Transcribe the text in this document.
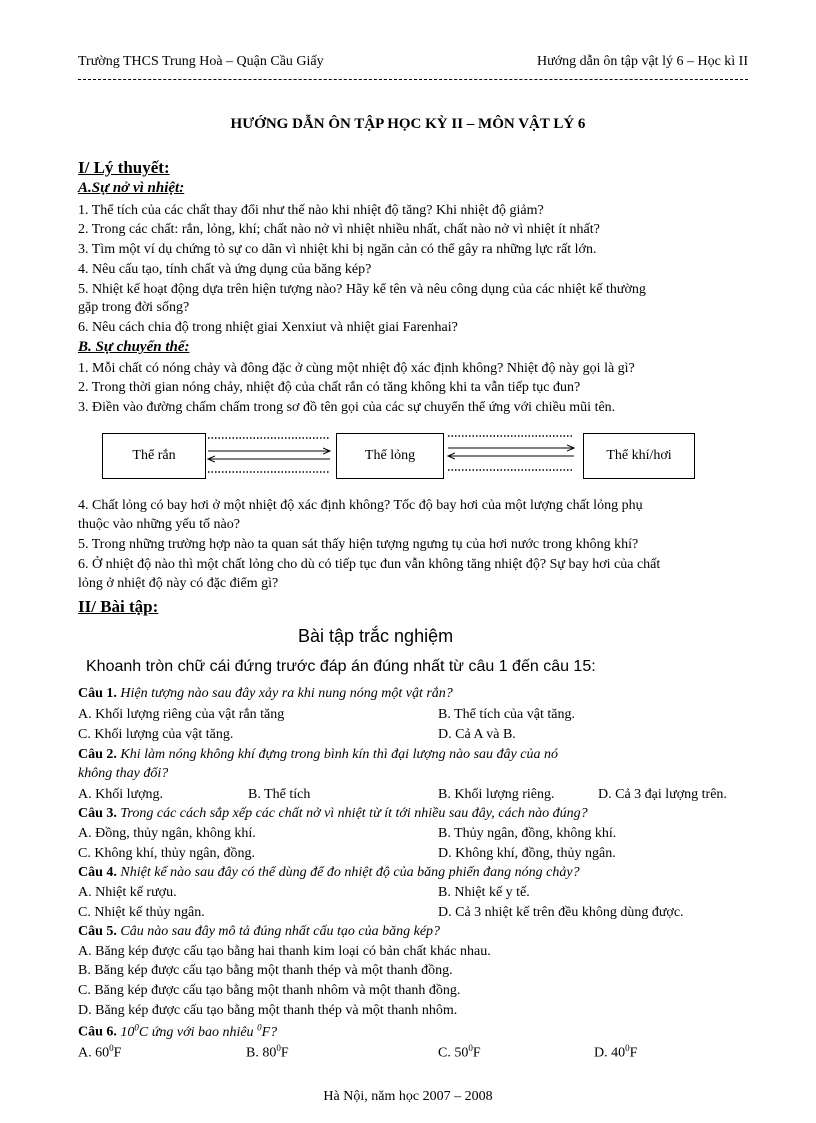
Trường THCS Trung Hoà – Quận Cầu Giấy	Hướng dẫn ôn tập vật lý 6 – Học kì II
HƯỚNG DẪN ÔN TẬP HỌC KỲ II – MÔN VẬT LÝ 6
I/ Lý thuyết:
A.Sự nở vì nhiệt:
1. Thể tích của các chất thay đổi như thế nào khi nhiệt độ tăng? Khi nhiệt độ giảm?
2. Trong các chất: rắn, lỏng, khí; chất nào nở vì nhiệt nhiều nhất, chất nào nở vì nhiệt ít nhất?
3. Tìm một ví dụ chứng tỏ sự co dãn vì nhiệt khi bị ngăn cản có thể gây ra những lực rất lớn.
4. Nêu cấu tạo, tính chất và ứng dụng của băng kép?
5. Nhiệt kế hoạt động dựa trên hiện tượng nào? Hãy kể tên và nêu công dụng của các nhiệt kế thường
gặp trong đời sống?
6. Nêu cách chia độ trong nhiệt giai Xenxiut và nhiệt giai Farenhai?
B. Sự chuyển thể:
1. Mỗi chất có nóng chảy và đông đặc ở cùng một nhiệt độ xác định không? Nhiệt độ này gọi là gì?
2. Trong thời gian nóng chảy, nhiệt độ của chất rắn có tăng không khi ta vẫn tiếp tục đun?
3. Điền vào đường chấm chấm trong sơ đồ tên gọi của các sự chuyển thể ứng với chiều mũi tên.
Thể rắn	Thể lỏng	Thể khí/hơi
4. Chất lỏng có bay hơi ở một nhiệt độ xác định không? Tốc độ bay hơi của một lượng chất lỏng phụ
thuộc vào những yếu tố nào?
5. Trong những trường hợp nào ta quan sát thấy hiện tượng ngưng tụ của hơi nước trong không khí?
6. Ở nhiệt độ nào thì một chất lỏng cho dù có tiếp tục đun vẫn không tăng nhiệt độ? Sự bay hơi của chất
lỏng ở nhiệt độ này có đặc điểm gì?
II/ Bài tập:
Bài tập trắc nghiệm
Khoanh tròn chữ cái đứng trước đáp án đúng nhất từ câu 1 đến câu 15:
Câu 1. Hiện tượng nào sau đây xảy ra khi nung nóng một vật rắn?
A. Khối lượng riêng của vật rắn tăng	B. Thể tích của vật tăng.
C. Khối lượng của vật tăng.	D. Cả A và B.
Câu 2. Khi làm nóng không khí đựng trong bình kín thì đại lượng nào sau đây của nó
không thay đổi?
A. Khối lượng.	B. Thể tích	B. Khối lượng riêng.	D. Cả 3 đại lượng trên.
Câu 3. Trong các cách sắp xếp các chất nở vì nhiệt từ ít tới nhiều sau đây, cách nào đúng?
A. Đồng, thủy ngân, không khí.	B. Thủy ngân, đồng, không khí.
C. Không khí, thủy ngân, đồng.	D. Không khí, đồng, thủy ngân.
Câu 4. Nhiệt kế nào sau đây có thể dùng để đo nhiệt độ của băng phiến đang nóng chảy?
A. Nhiệt kế rượu.	B. Nhiệt kế y tế.
C. Nhiệt kế thủy ngân.	D. Cả 3 nhiệt kế trên đều không dùng được.
Câu 5. Câu nào sau đây mô tả đúng nhất cấu tạo của băng kép?
A. Băng kép được cấu tạo bằng hai thanh kim loại có bản chất khác nhau.
B. Băng kép được cấu tạo bằng một thanh thép và một thanh đồng.
C. Băng kép được cấu tạo bằng một thanh nhôm và một thanh đồng.
D. Băng kép được cấu tạo bằng một thanh thép và một thanh nhôm.
Câu 6. $10^0C$ ứng với bao nhiêu $^0$F?
A. $60^0F$	B. $80^0F$	C. $50^0F$	D. $40^0F$
Hà Nội, năm học 2007 – 2008
